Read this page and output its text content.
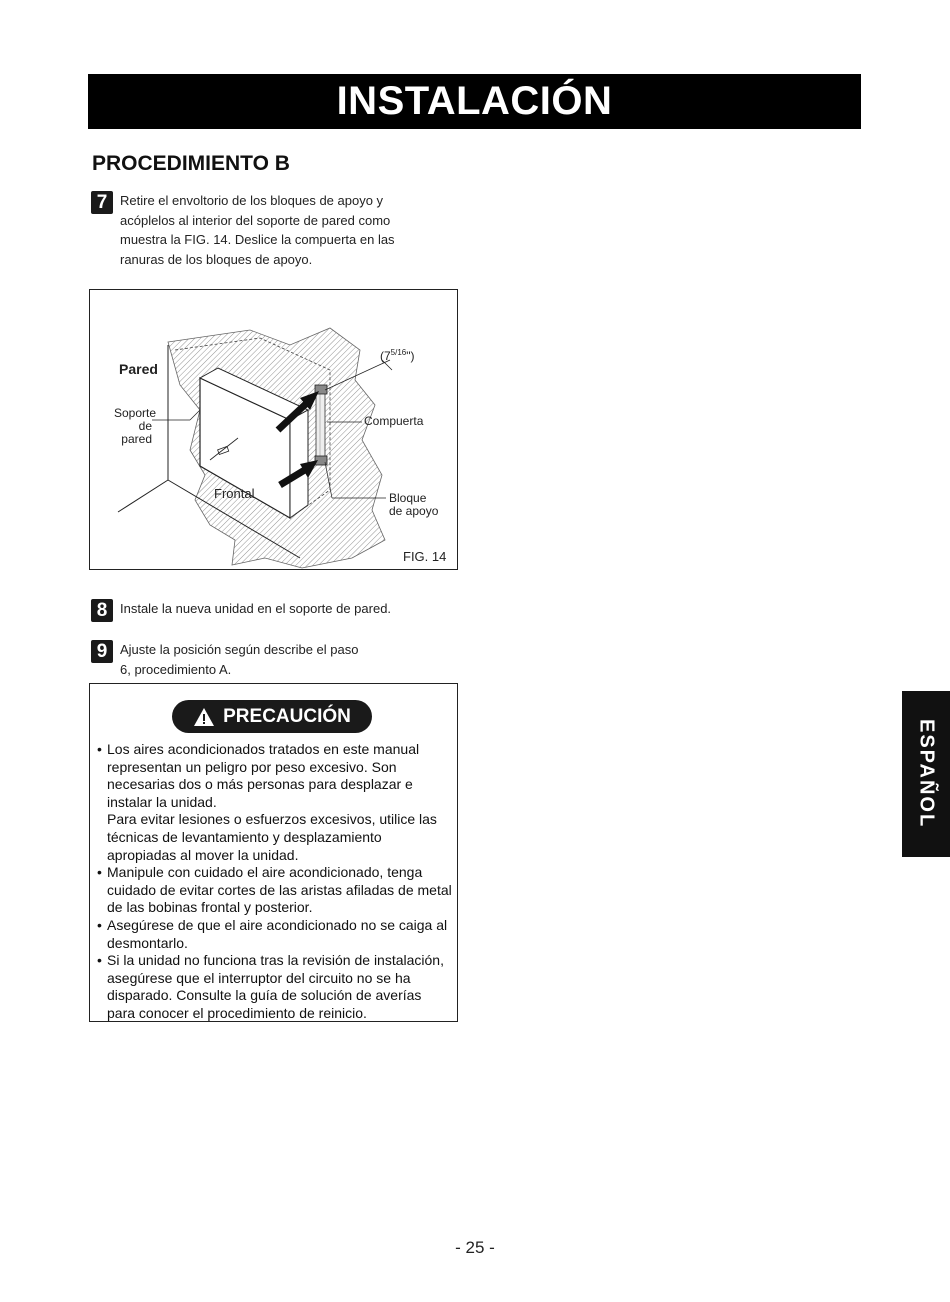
INSTALACIÓN
PROCEDIMIENTO B
7 Retire el envoltorio de los bloques de apoyo y acóplelos al interior del soporte de pared como muestra la FIG. 14. Deslice la compuerta en las ranuras de los bloques de apoyo.
Pared
Soporte
de pared
$(7^{5/16}")$
Compuerta
Frontal	Bloque
de apoyo
FIG. 14
8 Instale la nueva unidad en el soporte de pared.
9 Ajuste la posición según describe el paso 6, procedimiento A.
PRECAUCIÓN
• Los aires acondicionados tratados en este manual representan un peligro por peso excesivo. Son necesarias dos o más personas para desplazar e instalar la unidad.
Para evitar lesiones o esfuerzos excesivos, utilice las técnicas de levantamiento y desplazamiento apropiadas al mover la unidad.
• Manipule con cuidado el aire acondicionado, tenga cuidado de evitar cortes de las aristas afiladas de metal de las bobinas frontal y posterior.
• Asegúrese de que el aire acondicionado no se caiga al desmontarlo.
• Si la unidad no funciona tras la revisión de instalación, asegúrese que el interruptor del circuito no se ha disparado. Consulte la guía de solución de averías para conocer el procedimiento de reinicio.
ESPAÑOL
- 25 -
